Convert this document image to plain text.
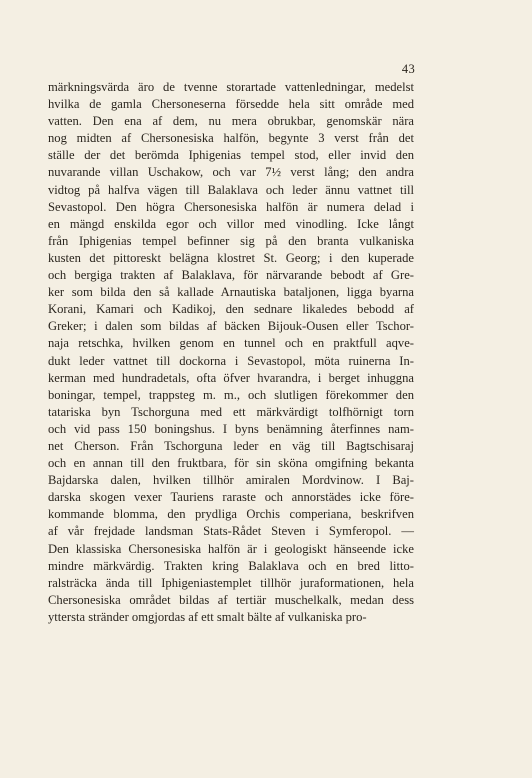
43
märkningsvärda äro de tvenne storartade vattenledningar, medelst
hvilka de gamla Chersoneserna försedde hela sitt område med
vatten. Den ena af dem, nu mera obrukbar, genomskär nära
nog midten af Chersonesiska halfön, begynte 3 verst från det
ställe der det berömda Iphigenias tempel stod, eller invid den
nuvarande villan Uschakow, och var 7½ verst lång; den andra
vidtog på halfva vägen till Balaklava och leder ännu vattnet till
Sevastopol. Den högra Chersonesiska halfön är numera delad i
en mängd enskilda egor och villor med vinodling. Icke långt
från Iphigenias tempel befinner sig på den branta vulkaniska
kusten det pittoreskt belägna klostret St. Georg; i den kuperade
och bergiga trakten af Balaklava, för närvarande bebodt af Gre-
ker som bilda den så kallade Arnautiska bataljonen, ligga byarna
Korani, Kamari och Kadikoj, den sednare likaledes bebodd af
Greker; i dalen som bildas af bäcken Bijouk-Ousen eller Tschor-
naja retschka, hvilken genom en tunnel och en praktfull aqve-
dukt leder vattnet till dockorna i Sevastopol, möta ruinerna In-
kerman med hundradetals, ofta öfver hvarandra, i berget inhuggna
boningar, tempel, trappsteg m. m., och slutligen förekommer den
tatariska byn Tschorguna med ett märkvärdigt tolfhörnigt torn
och vid pass 150 boningshus. I byns benämning återfinnes nam-
net Cherson. Från Tschorguna leder en väg till Bagtschisaraj
och en annan till den fruktbara, för sin sköna omgifning bekanta
Bajdarska dalen, hvilken tillhör amiralen Mordvinow. I Baj-
darska skogen vexer Tauriens raraste och annorstädes icke före-
kommande blomma, den prydliga Orchis comperiana, beskrifven
af vår frejdade landsman Stats-Rådet Steven i Symferopol. —
Den klassiska Chersonesiska halfön är i geologiskt hänseende icke
mindre märkvärdig. Trakten kring Balaklava och en bred litto-
ralsträcka ända till Iphigeniastemplet tillhör juraformationen, hela
Chersonesiska området bildas af tertiär muschelkalk, medan dess
yttersta stränder omgjordas af ett smalt bälte af vulkaniska pro-
